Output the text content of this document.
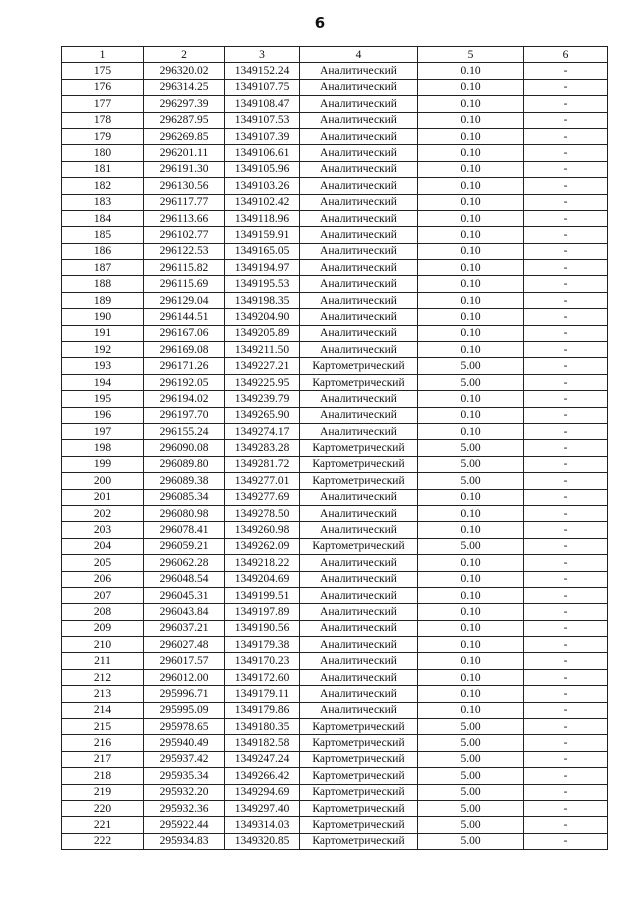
6
1	2	3	4	5	6
175	296320.02	1349152.24	Аналитический	0.10	-
176	296314.25	1349107.75	Аналитический	0.10	-
177	296297.39	1349108.47	Аналитический	0.10	-
178	296287.95	1349107.53	Аналитический	0.10	-
179	296269.85	1349107.39	Аналитический	0.10	-
180	296201.11	1349106.61	Аналитический	0.10	-
181	296191.30	1349105.96	Аналитический	0.10	-
182	296130.56	1349103.26	Аналитический	0.10	-
183	296117.77	1349102.42	Аналитический	0.10	-
184	296113.66	1349118.96	Аналитический	0.10	-
185	296102.77	1349159.91	Аналитический	0.10	-
186	296122.53	1349165.05	Аналитический	0.10	-
187	296115.82	1349194.97	Аналитический	0.10	-
188	296115.69	1349195.53	Аналитический	0.10	-
189	296129.04	1349198.35	Аналитический	0.10	-
190	296144.51	1349204.90	Аналитический	0.10	-
191	296167.06	1349205.89	Аналитический	0.10	-
192	296169.08	1349211.50	Аналитический	0.10	-
193	296171.26	1349227.21	Картометрический	5.00	-
194	296192.05	1349225.95	Картометрический	5.00	-
195	296194.02	1349239.79	Аналитический	0.10	-
196	296197.70	1349265.90	Аналитический	0.10	-
197	296155.24	1349274.17	Аналитический	0.10	-
198	296090.08	1349283.28	Картометрический	5.00	-
199	296089.80	1349281.72	Картометрический	5.00	-
200	296089.38	1349277.01	Картометрический	5.00	-
201	296085.34	1349277.69	Аналитический	0.10	-
202	296080.98	1349278.50	Аналитический	0.10	-
203	296078.41	1349260.98	Аналитический	0.10	-
204	296059.21	1349262.09	Картометрический	5.00	-
205	296062.28	1349218.22	Аналитический	0.10	-
206	296048.54	1349204.69	Аналитический	0.10	-
207	296045.31	1349199.51	Аналитический	0.10	-
208	296043.84	1349197.89	Аналитический	0.10	-
209	296037.21	1349190.56	Аналитический	0.10	-
210	296027.48	1349179.38	Аналитический	0.10	-
211	296017.57	1349170.23	Аналитический	0.10	-
212	296012.00	1349172.60	Аналитический	0.10	-
213	295996.71	1349179.11	Аналитический	0.10	-
214	295995.09	1349179.86	Аналитический	0.10	-
215	295978.65	1349180.35	Картометрический	5.00	-
216	295940.49	1349182.58	Картометрический	5.00	-
217	295937.42	1349247.24	Картометрический	5.00	-
218	295935.34	1349266.42	Картометрический	5.00	-
219	295932.20	1349294.69	Картометрический	5.00	-
220	295932.36	1349297.40	Картометрический	5.00	-
221	295922.44	1349314.03	Картометрический	5.00	-
222	295934.83	1349320.85	Картометрический	5.00	-
